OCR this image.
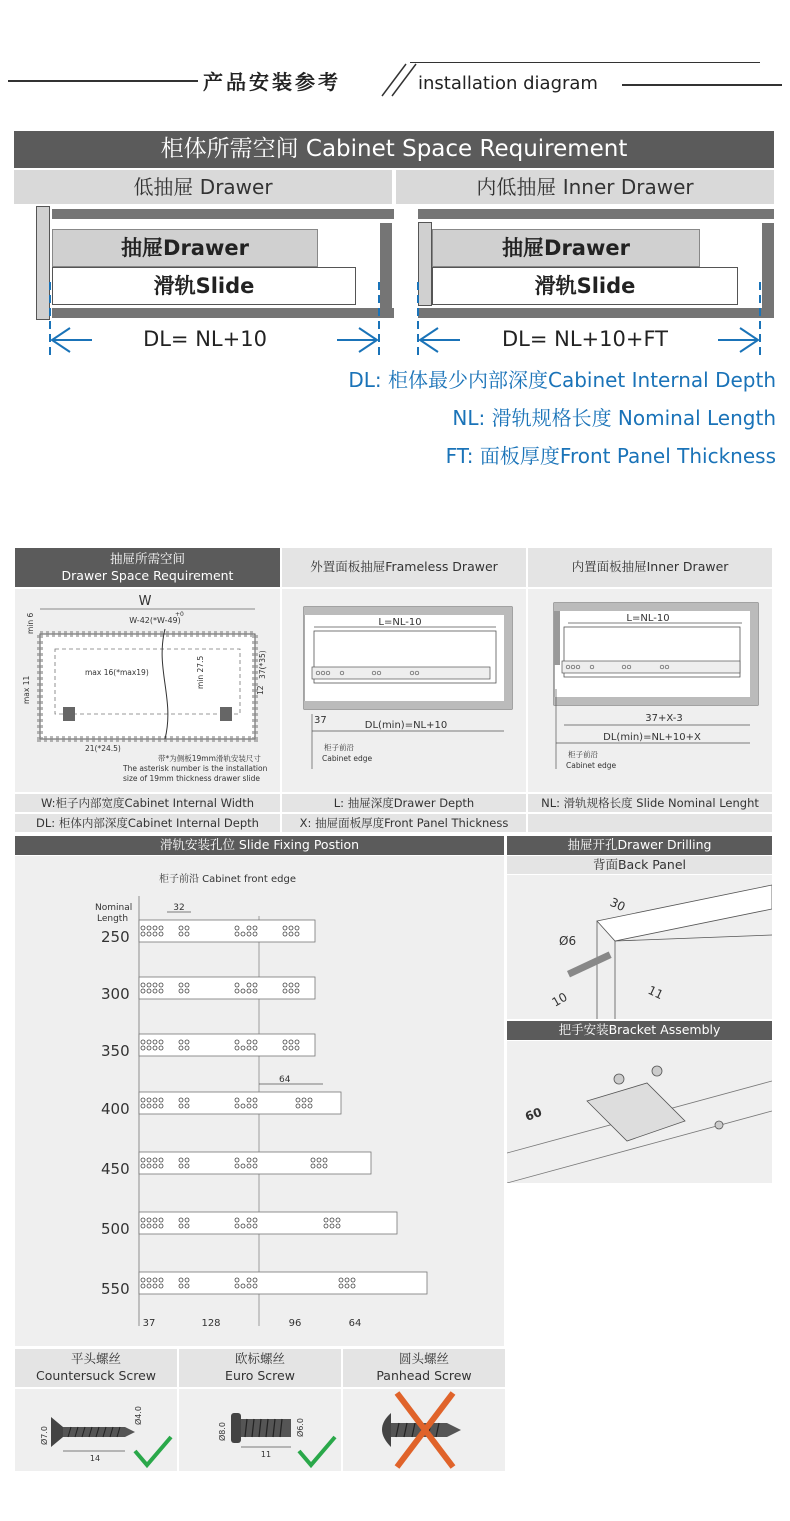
产品安装参考	installation diagram
柜体所需空间 Cabinet Space Requirement
低抽屉 Drawer	内低抽屉 Inner Drawer
抽屉Drawer
滑轨Slide
DL= NL+10
抽屉Drawer
滑轨Slide
DL= NL+10+FT
DL: 柜体最少内部深度Cabinet Internal Depth
NL: 滑轨规格长度 Nominal Length
FT: 面板厚度Front Panel Thickness
抽屉所需空间
Drawer Space Requirement
外置面板抽屉Frameless Drawer	内置面板抽屉Inner Drawer
W
W-42(*W-49)
+0
max 16(*max19)	min 27.5	37(*35)
min 6
max 11	12
21(*24.5)
带*为侧板19mm滑轨安装尺寸
The asterisk number is the installation
size of 19mm thickness drawer slide
L=NL-10
37	DL(min)=NL+10
柜子前沿
Cabinet edge
L=NL-10
37+X-3
DL(min)=NL+10+X
柜子前沿
Cabinet edge
W:柜子内部宽度Cabinet Internal Width	L: 抽屉深度Drawer Depth	NL: 滑轨规格长度 Slide Nominal Lenght
DL: 柜体内部深度Cabinet Internal Depth	X: 抽屉面板厚度Front Panel Thickness
滑轨安装孔位 Slide Fixing Postion
柜子前沿 Cabinet front edge
Nominal
Length
32
64
250
300
350
400
450
500
550
37	128	96	64
抽屉开孔Drawer Drilling
背面Back Panel
30
Ø6
10	11
把手安装Bracket Assembly
60
平头螺丝
Countersuck Screw
欧标螺丝
Euro Screw
圆头螺丝
Panhead Screw
Ø7.0
Ø4.0
14
Ø8.0	Ø6.0
11
